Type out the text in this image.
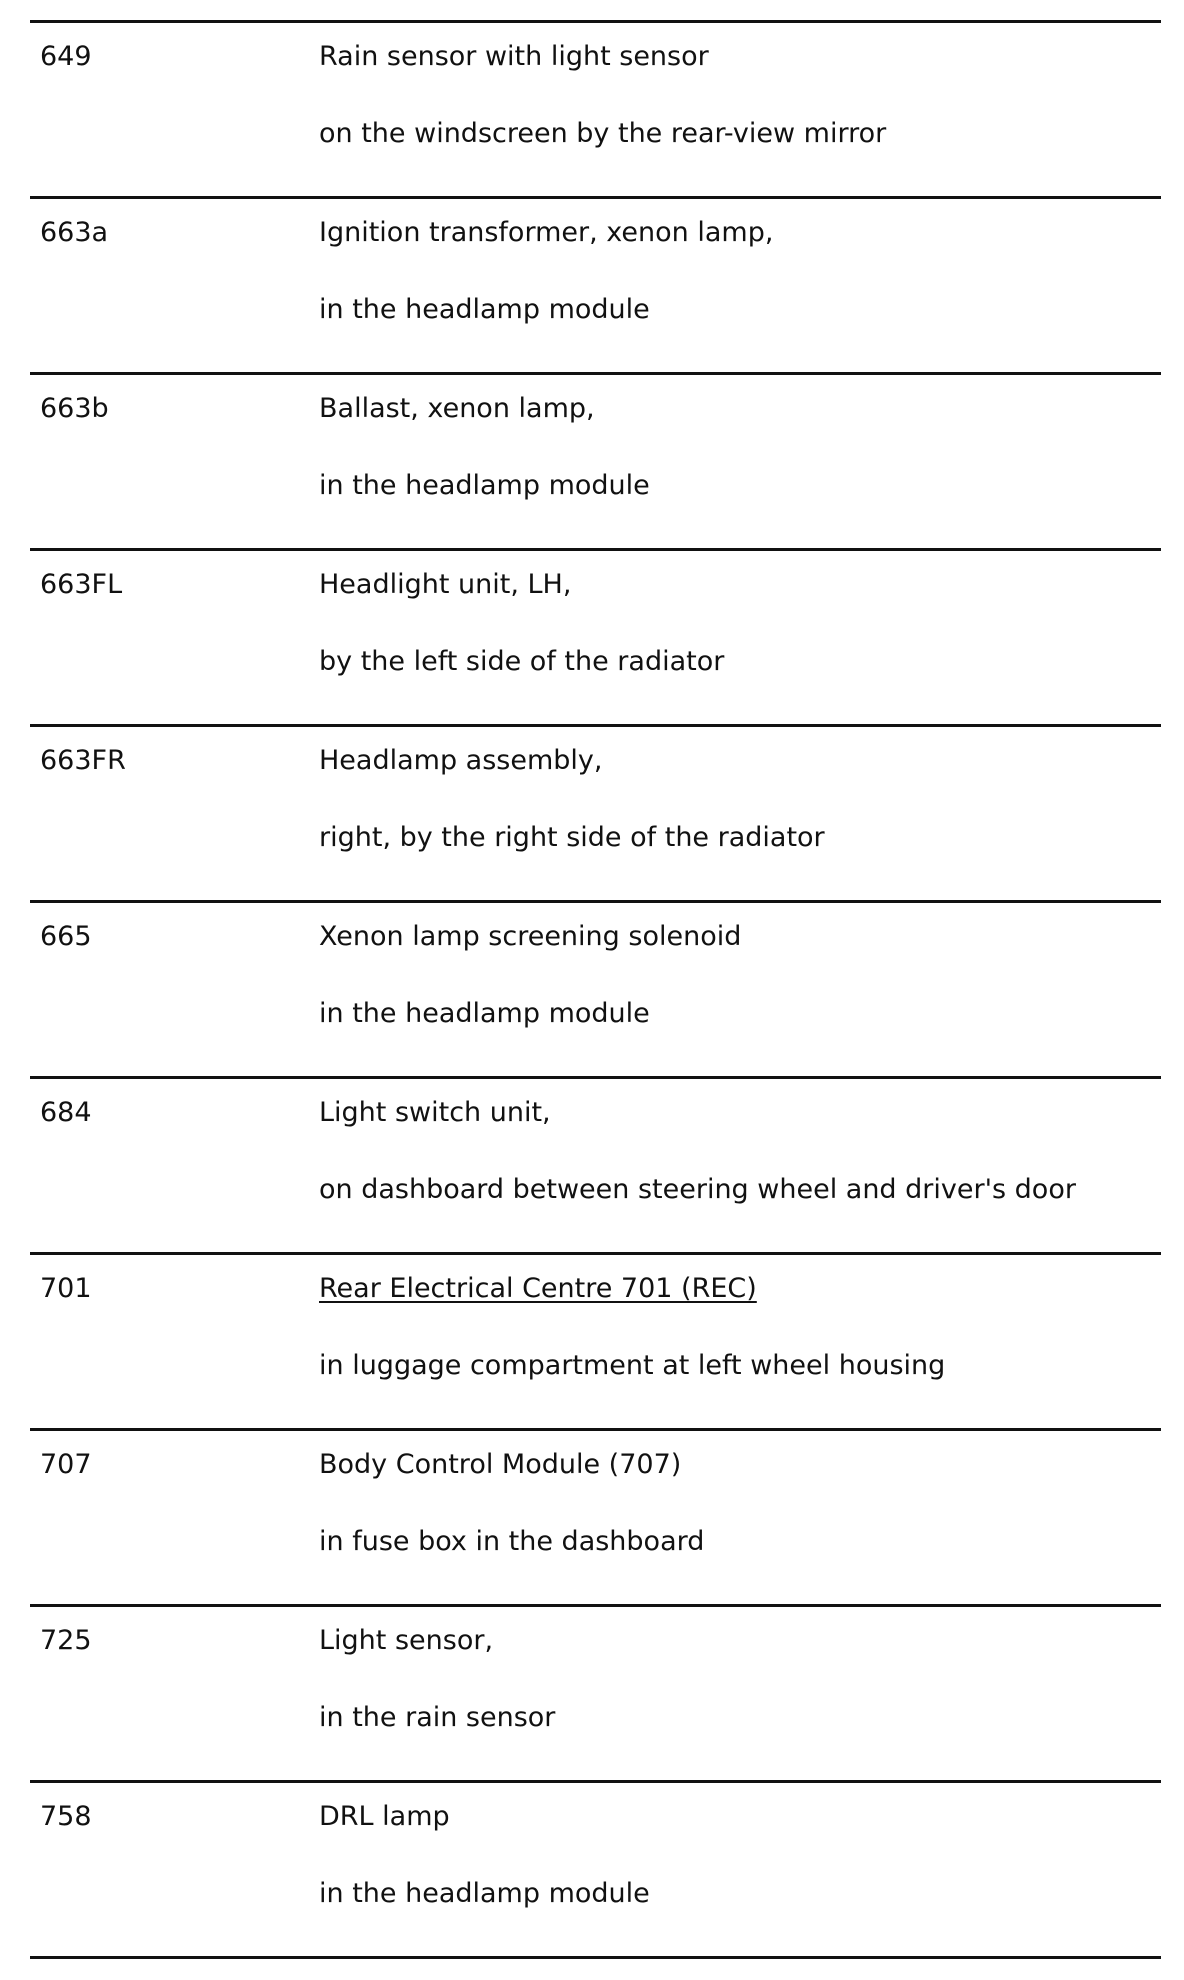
649	Rain sensor with light sensor
on the windscreen by the rear-view mirror
663a	Ignition transformer, xenon lamp,
in the headlamp module
663b	Ballast, xenon lamp,
in the headlamp module
663FL	Headlight unit, LH,
by the left side of the radiator
663FR	Headlamp assembly,
right, by the right side of the radiator
665	Xenon lamp screening solenoid
in the headlamp module
684	Light switch unit,
on dashboard between steering wheel and driver's door
701	Rear Electrical Centre 701 (REC)
in luggage compartment at left wheel housing
707	Body Control Module (707)
in fuse box in the dashboard
725	Light sensor,
in the rain sensor
758	DRL lamp
in the headlamp module
